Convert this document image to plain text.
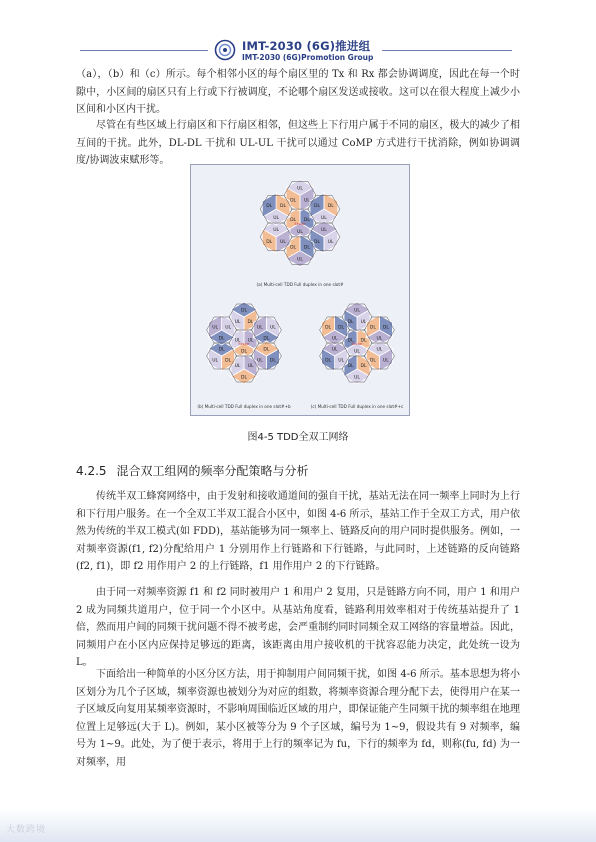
IMT-2030 (6G)推进组
IMT-2030 (6G)Promotion Group

（a），（b）和（c）所示。每个相邻小区的每个扇区里的 Tx 和 Rx 都会协调调度，因此在每一个时隙中，小区间的扇区只有上行或下行被调度，不论哪个扇区发送或接收。这可以在很大程度上减少小区间和小区内干扰。

尽管在有些区域上行扇区和下行扇区相邻，但这些上下行用户属于不同的扇区，极大的减少了相互间的干扰。此外，DL-DL 干扰和 UL-UL 干扰可以通过 CoMP 方式进行干扰消除，例如协调调度/协调波束赋形等。

DL
UL
DL
UL
DL
UL
DL
UL
DL
UL
DL
UL
DL
UL
DL
UL
DL
UL
DL
UL
DL
Sector
UL
DL
UL
DL
UL
DL
UL
DL
UL
DL
UL
DL
UL
DL
UL
DL
UL
DL
UL
DL
UL
Sector
DL
UL
DL
UL
DL
UL
DL
UL
DL
UL
DL
UL
DL
UL
DL
UL
DL
UL
DL
UL
DL
Sector
(a) Multi-cell TDD Full duplex in one slot#
(b) Multi-cell TDD Full duplex in one slot#+b	(c) Multi-cell TDD Full duplex in one slot#+c
图4-5 TDD全双工网络
4.2.5 混合双工组网的频率分配策略与分析

传统半双工蜂窝网络中，由于发射和接收通道间的强自干扰，基站无法在同一频率上同时为上行和下行用户服务。在一个全双工半双工混合小区中，如图 4-6 所示，基站工作于全双工方式，用户依然为传统的半双工模式(如 FDD)，基站能够为同一频率上、链路反向的用户同时提供服务。例如，一对频率资源(f1, f2)分配给用户 1 分别用作上行链路和下行链路，与此同时，上述链路的反向链路(f2, f1)，即 f2 用作用户 2 的上行链路，f1 用作用户 2 的下行链路。

由于同一对频率资源 f1 和 f2 同时被用户 1 和用户 2 复用，只是链路方向不同，用户 1 和用户 2 成为同频共道用户，位于同一个小区中。从基站角度看，链路利用效率相对于传统基站提升了 1 倍，然而用户间的同频干扰问题不得不被考虑，会严重制约同时同频全双工网络的容量增益。因此，同频用户在小区内应保持足够远的距离，该距离由用户接收机的干扰容忍能力决定，此处统一设为 L。

下面给出一种简单的小区分区方法，用于抑制用户间同频干扰，如图 4-6 所示。基本思想为将小区划分为几个子区域，频率资源也被划分为对应的组数，将频率资源合理分配下去，使得用户在某一子区域反向复用某频率资源时，不影响周围临近区域的用户，即保证能产生同频干扰的频率组在地理位置上足够远(大于 L)。例如，某小区被等分为 9 个子区域，编号为 1~9，假设共有 9 对频率，编号为 1~9。此处，为了便于表示，将用于上行的频率记为 fu，下行的频率为 fd，则称(fu, fd) 为一对频率，用

大数跨境
